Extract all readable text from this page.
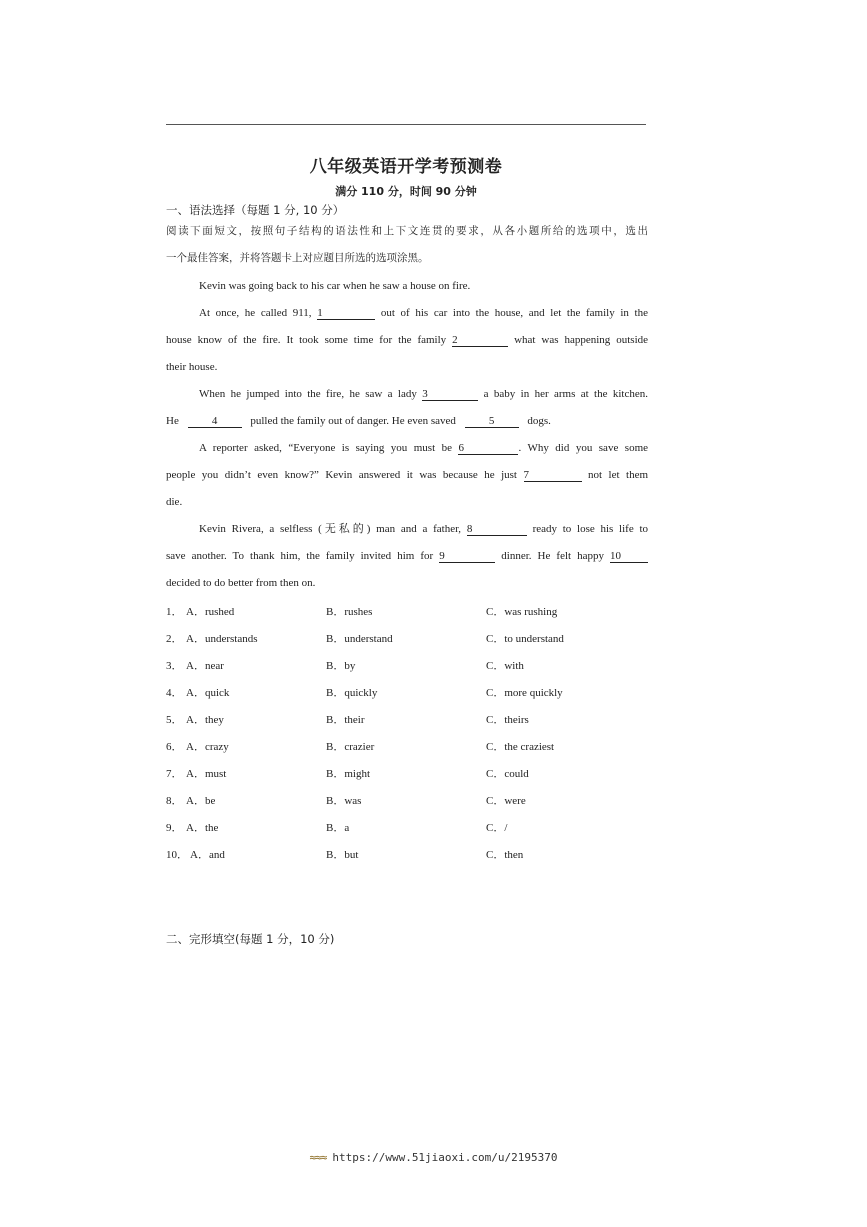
八年级英语开学考预测卷
满分 110 分，时间 90 分钟
一、语法选择（每题 1 分, 10 分）
阅读下面短文，按照句子结构的语法性和上下文连贯的要求，从各小题所给的选项中，选出
一个最佳答案，并将答题卡上对应题目所选的选项涂黑。
Kevin was going back to his car when he saw a house on fire.
At once, he called 911, 1	out of his car into the house, and let the family in the
house know of the fire. It took some time for the family 2	what was happening outside
their house.
When he jumped into the fire, he saw a lady 3	a baby in her arms at the kitchen.
He	4	pulled the family out of danger. He even saved	5	dogs.
A reporter asked, “Everyone is saying you must be 6	. Why did you save some
people you didn’t even know?” Kevin answered it was because he just 7	not let them
die.
Kevin Rivera, a selfless (无私的) man and a father, 8	ready to lose his life to
save another. To thank him, the family invited him for 9	dinner. He felt happy 10
decided to do better from then on.
1． A．rushed	B．rushes	C．was rushing
2． A．understands	B．understand	C．to understand
3． A．near	B．by	C．with
4． A．quick	B．quickly	C．more quickly
5． A．they	B．their	C．theirs
6． A．crazy	B．crazier	C．the craziest
7． A．must	B．might	C．could
8． A．be	B．was	C．were
9． A．the	B．a	C．/
10． A．and	B．but	C．then
二、完形填空(每题 1 分，10 分)
≈≈≈ https://www.51jiaoxi.com/u/2195370
